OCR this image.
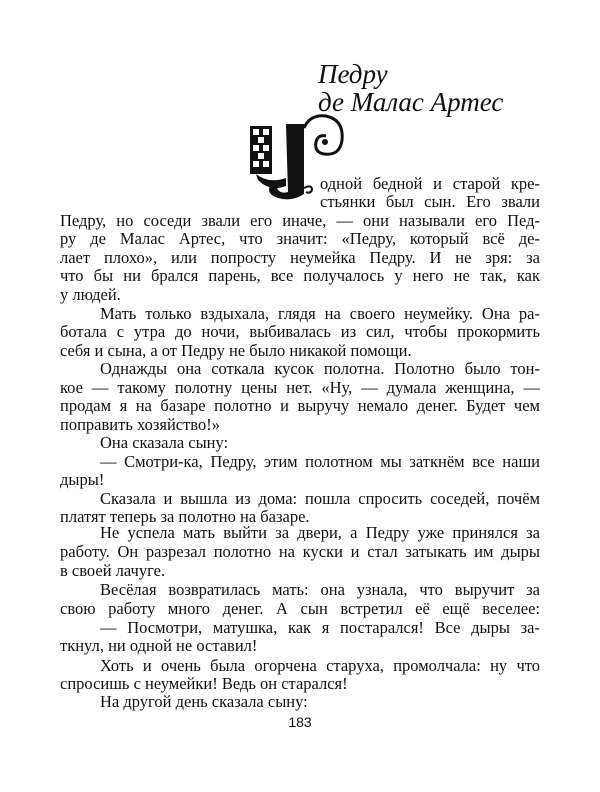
Педру
де Малас Артес
одной бедной и старой кре-
стьянки был сын. Его звали
Педру, но соседи звали его иначе, — они называли его Пед-
ру де Малас Артес, что значит: «Педру, который всё де-
лает плохо», или попросту неумейка Педру. И не зря: за
что бы ни брался парень, все получалось у него не так, как
у людей.
Мать только вздыхала, глядя на своего неумейку. Она ра-
ботала с утра до ночи, выбивалась из сил, чтобы прокормить
себя и сына, а от Педру не было никакой помощи.
Однажды она соткала кусок полотна. Полотно было тон-
кое — такому полотну цены нет. «Ну, — думала женщина, —
продам я на базаре полотно и выручу немало денег. Будет чем
поправить хозяйство!»
Она сказала сыну:
— Смотри-ка, Педру, этим полотном мы заткнём все наши
дыры!
Сказала и вышла из дома: пошла спросить соседей, почём
платят теперь за полотно на базаре.
Не успела мать выйти за двери, а Педру уже принялся за
работу. Он разрезал полотно на куски и стал затыкать им дыры
в своей лачуге.
Весёлая возвратилась мать: она узнала, что выручит за
свою работу много денег. А сын встретил её ещё веселее:
— Посмотри, матушка, как я постарался! Все дыры за-
ткнул, ни одной не оставил!
Хоть и очень была огорчена старуха, промолчала: ну что
спросишь с неумейки! Ведь он старался!
На другой день сказала сыну:
183
